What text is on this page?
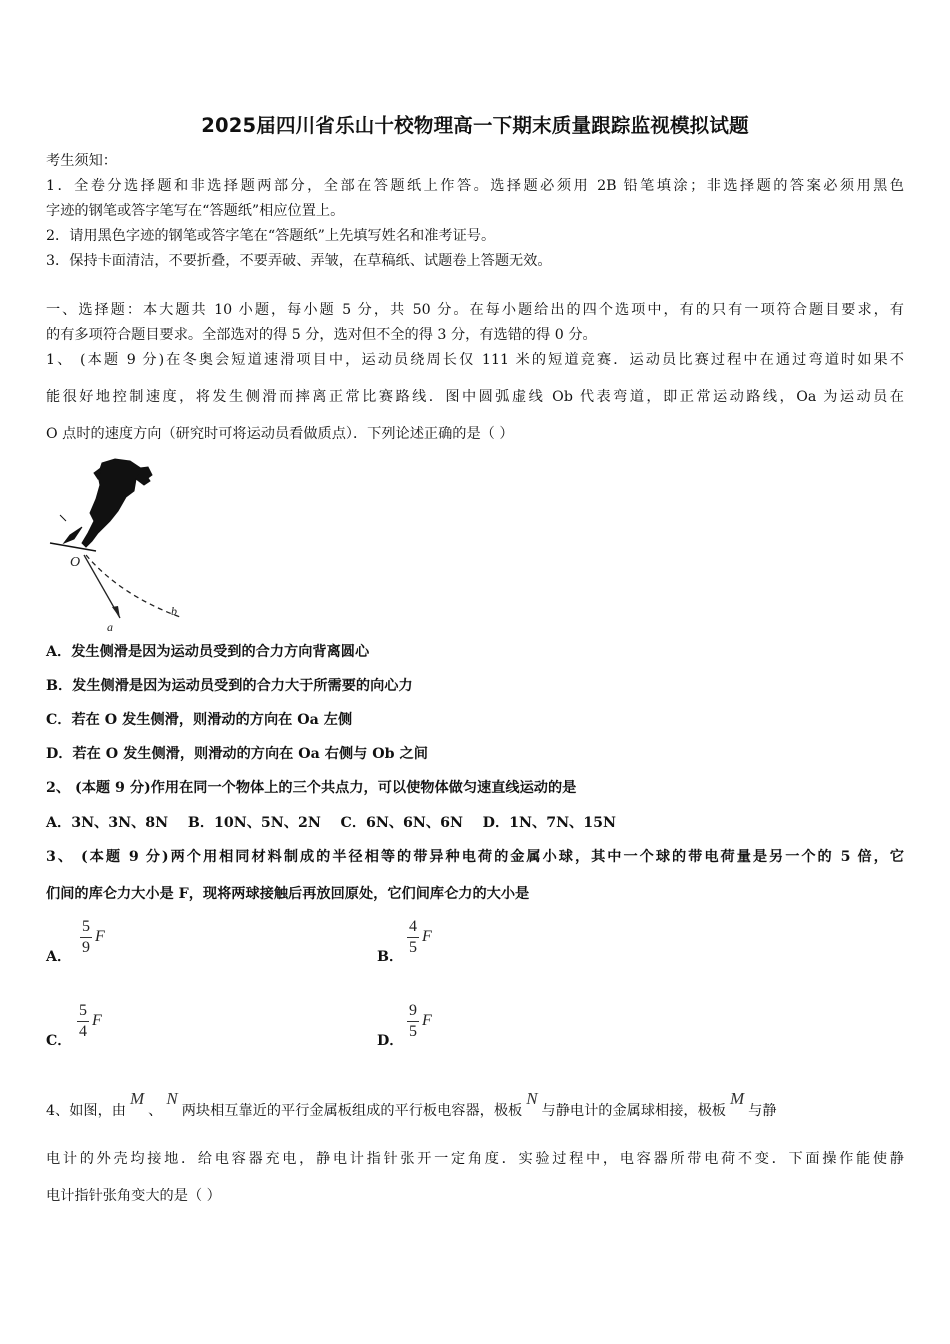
2025届四川省乐山十校物理高一下期末质量跟踪监视模拟试题
考生须知：
1．全卷分选择题和非选择题两部分，全部在答题纸上作答。选择题必须用 2B 铅笔填涂；非选择题的答案必须用黑色
字迹的钢笔或答字笔写在“答题纸”相应位置上。
2．请用黑色字迹的钢笔或答字笔在“答题纸”上先填写姓名和准考证号。
3．保持卡面清洁，不要折叠，不要弄破、弄皱，在草稿纸、试题卷上答题无效。
一、选择题：本大题共 10 小题，每小题 5 分，共 50 分。在每小题给出的四个选项中，有的只有一项符合题目要求，有
的有多项符合题目要求。全部选对的得 5 分，选对但不全的得 3 分，有选错的得 0 分。
1、 (本题 9 分)在冬奥会短道速滑项目中，运动员绕周长仅 111 米的短道竞赛．运动员比赛过程中在通过弯道时如果不
能很好地控制速度，将发生侧滑而摔离正常比赛路线．图中圆弧虚线 Ob 代表弯道，即正常运动路线，Oa 为运动员在
O 点时的速度方向（研究时可将运动员看做质点）．下列论述正确的是（ ）
O
a
b
A．发生侧滑是因为运动员受到的合力方向背离圆心
B．发生侧滑是因为运动员受到的合力大于所需要的向心力
C．若在 O 发生侧滑，则滑动的方向在 Oa 左侧
D．若在 O 发生侧滑，则滑动的方向在 Oa 右侧与 Ob 之间
2、 (本题 9 分)作用在同一个物体上的三个共点力，可以使物体做匀速直线运动的是
A．3N、3N、8N    B．10N、5N、2N    C．6N、6N、6N    D．1N、7N、15N
3、 (本题 9 分)两个用相同材料制成的半径相等的带异种电荷的金属小球，其中一个球的带电荷量是另一个的 5 倍，它
们间的库仑力大小是 F，现将两球接触后再放回原处，它们间库仑力的大小是
A．
5
9
F
B．
4
5
F
C．
5
4
F
D．
9
5
F
4、如图，由M、N两块相互靠近的平行金属板组成的平行板电容器，极板N与静电计的金属球相接，极板M与静
电计的外壳均接地．给电容器充电，静电计指针张开一定角度．实验过程中，电容器所带电荷不变．下面操作能使静
电计指针张角变大的是（ ）
